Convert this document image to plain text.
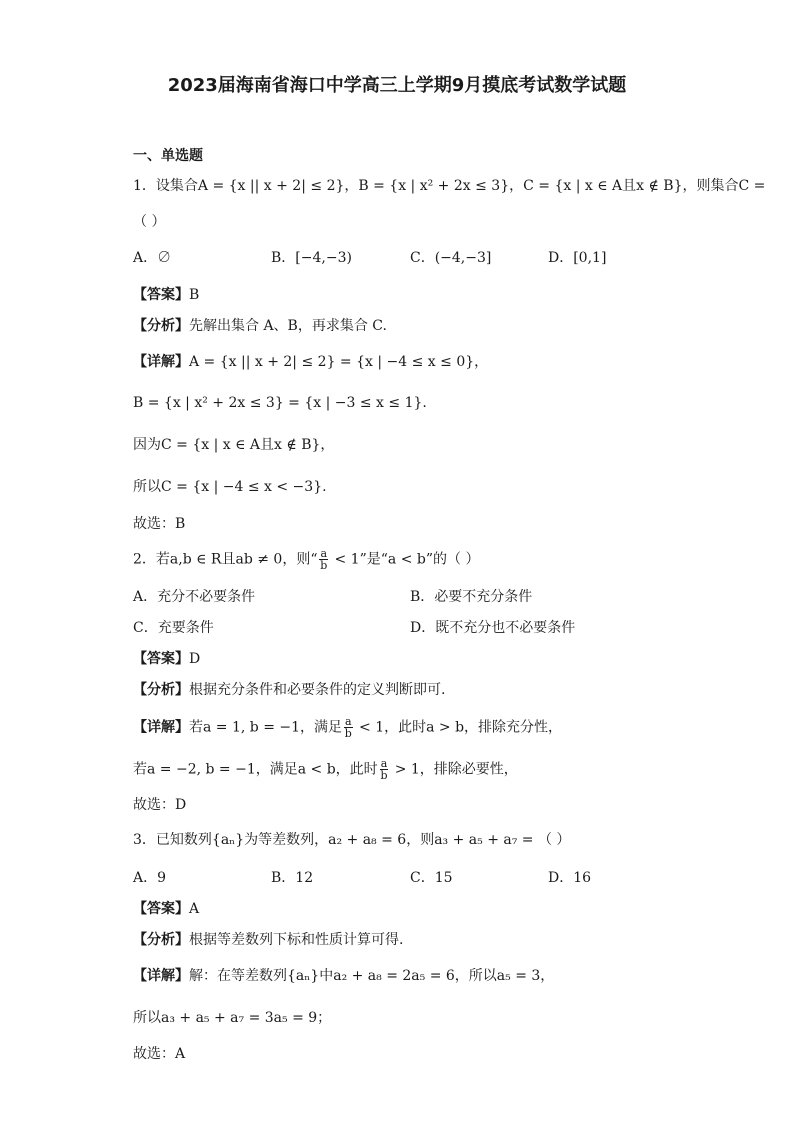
2023届海南省海口中学高三上学期9月摸底考试数学试题
一、单选题
1．设集合A = {x || x + 2| ≤ 2}，B = {x | x² + 2x ≤ 3}，C = {x | x ∈ A且x ∉ B}，则集合C =
（ ）
A．∅	B．[−4,−3)	C．(−4,−3]	D．[0,1]
【答案】B
【分析】先解出集合 A、B，再求集合 C.
【详解】A = {x || x + 2| ≤ 2} = {x | −4 ≤ x ≤ 0}，
B = {x | x² + 2x ≤ 3} = {x | −3 ≤ x ≤ 1}.
因为C = {x | x ∈ A且x ∉ B}，
所以C = {x | −4 ≤ x < −3}.
故选：B
2．若a,b ∈ R且ab ≠ 0，则“ $\frac{a}{b} < 1$”是“a < b”的（ ）
A．充分不必要条件	B．必要不充分条件
C．充要条件	D．既不充分也不必要条件
【答案】D
【分析】根据充分条件和必要条件的定义判断即可.
【详解】若a = 1, b = −1，满足 $\frac{a}{b} < 1$，此时a > b，排除充分性，
若a = −2, b = −1，满足a < b，此时 $\frac{a}{b} > 1$，排除必要性，
故选：D
3．已知数列{aₙ}为等差数列，a₂ + a₈ = 6，则a₃ + a₅ + a₇ = （ ）
A．9	B．12	C．15	D．16
【答案】A
【分析】根据等差数列下标和性质计算可得.
【详解】解：在等差数列{aₙ}中a₂ + a₈ = 2a₅ = 6，所以a₅ = 3，
所以a₃ + a₅ + a₇ = 3a₅ = 9；
故选：A
